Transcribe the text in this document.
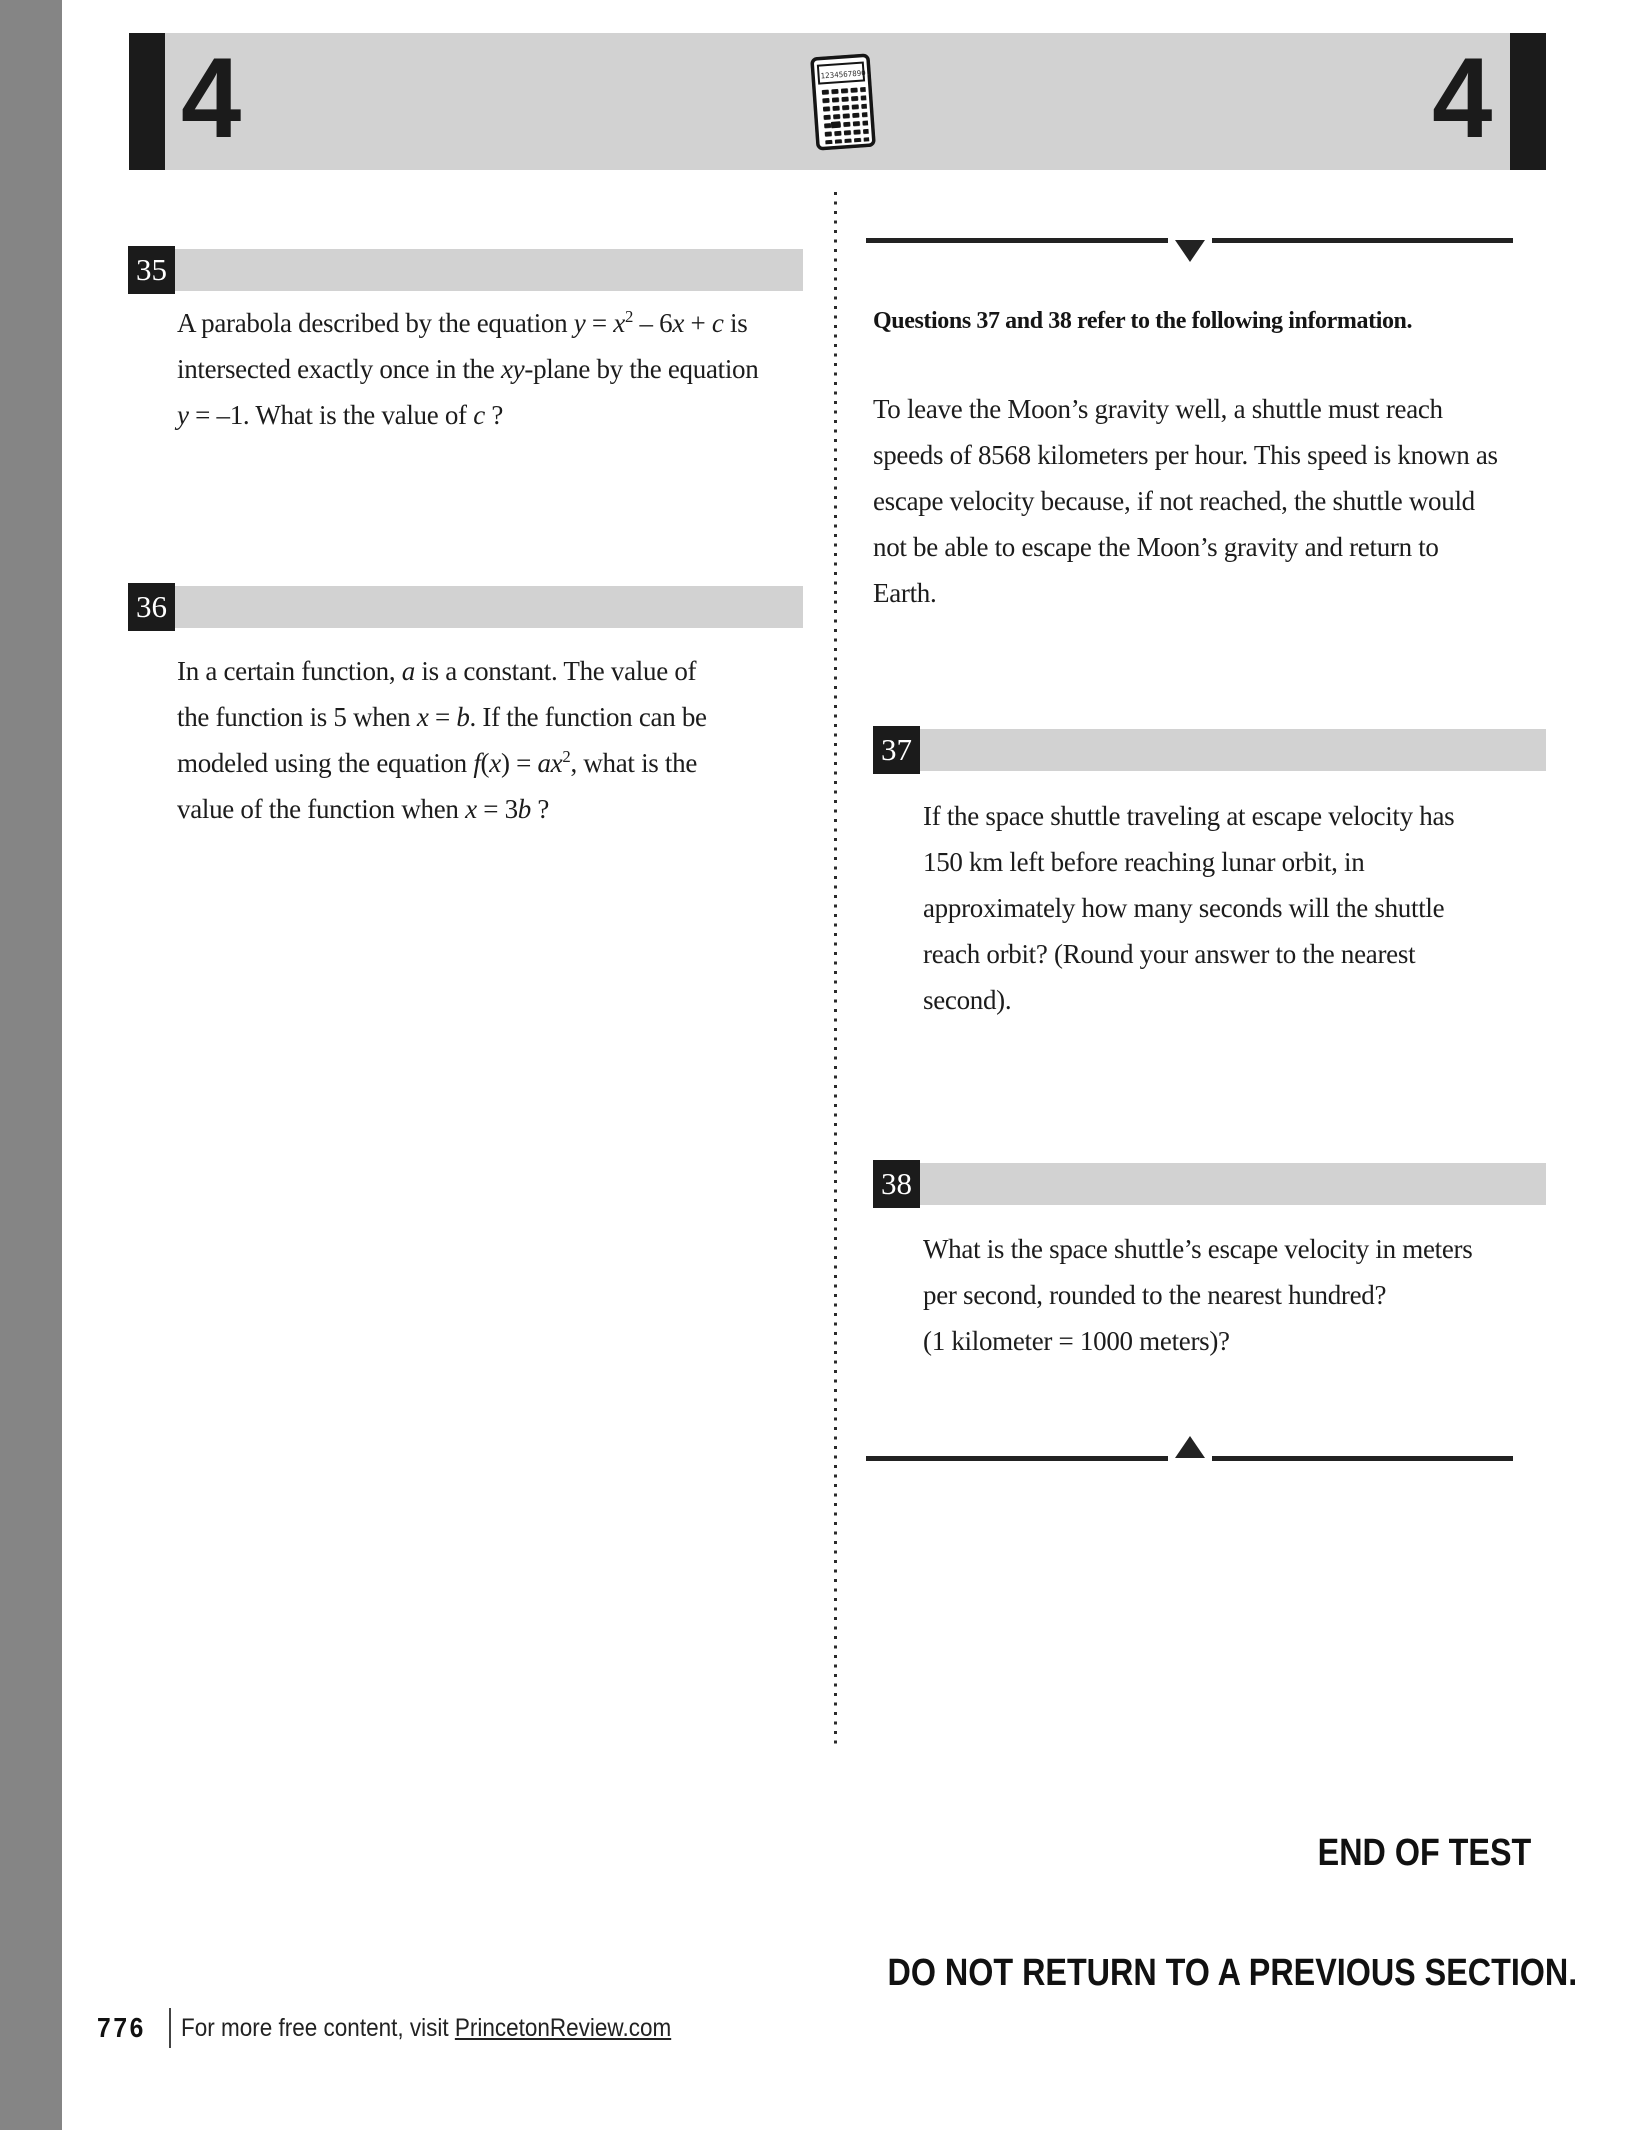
4	4
1234567890.
35
A parabola described by the equation $y = x^2 - 6x + c$ is
intersected exactly once in the xy-plane by the equation
y = –1. What is the value of c ?
36
In a certain function, a is a constant. The value of
the function is 5 when x = b. If the function can be
modeled using the equation $f(x) = ax^2$, what is the
value of the function when x = 3b ?
Questions 37 and 38 refer to the following information.
To leave the Moon’s gravity well, a shuttle must reach
speeds of 8568 kilometers per hour. This speed is known as
escape velocity because, if not reached, the shuttle would
not be able to escape the Moon’s gravity and return to
Earth.
37
If the space shuttle traveling at escape velocity has
150 km left before reaching lunar orbit, in
approximately how many seconds will the shuttle
reach orbit? (Round your answer to the nearest
second).
38
What is the space shuttle’s escape velocity in meters
per second, rounded to the nearest hundred?
(1 kilometer = 1000 meters)?
END OF TEST
DO NOT RETURN TO A PREVIOUS SECTION.
776 For more free content, visit PrincetonReview.com
